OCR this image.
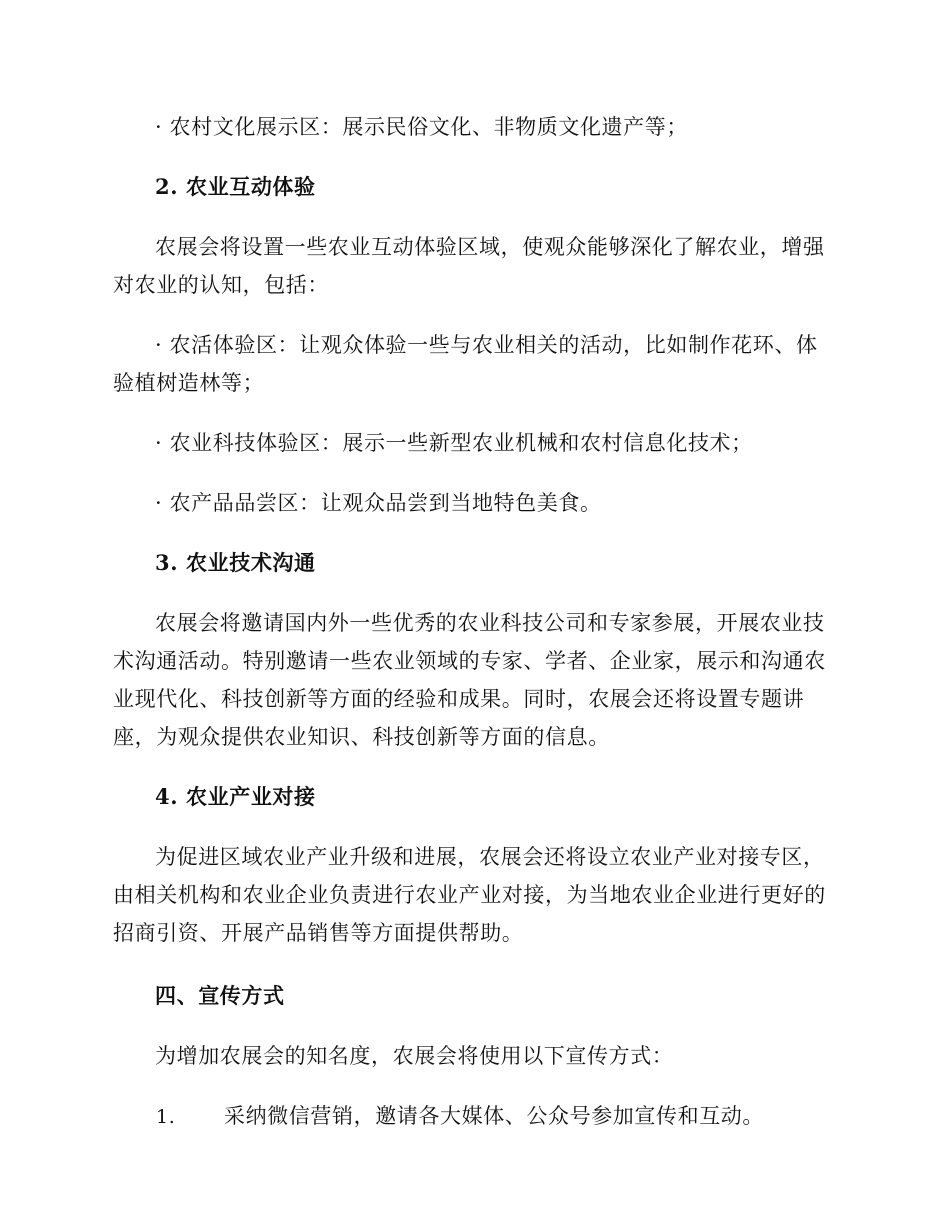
· 农村文化展示区：展示民俗文化、非物质文化遗产等；

2. 农业互动体验

农展会将设置一些农业互动体验区域，使观众能够深化了解农业，增强对农业的认知，包括：

· 农活体验区：让观众体验一些与农业相关的活动，比如制作花环、体验植树造林等；

· 农业科技体验区：展示一些新型农业机械和农村信息化技术；

· 农产品品尝区：让观众品尝到当地特色美食。

3. 农业技术沟通

农展会将邀请国内外一些优秀的农业科技公司和专家参展，开展农业技术沟通活动。特别邀请一些农业领域的专家、学者、企业家，展示和沟通农业现代化、科技创新等方面的经验和成果。同时，农展会还将设置专题讲座，为观众提供农业知识、科技创新等方面的信息。

4. 农业产业对接

为促进区域农业产业升级和进展，农展会还将设立农业产业对接专区，由相关机构和农业企业负责进行农业产业对接，为当地农业企业进行更好的招商引资、开展产品销售等方面提供帮助。

四、宣传方式

为增加农展会的知名度，农展会将使用以下宣传方式：

1.	采纳微信营销，邀请各大媒体、公众号参加宣传和互动。
